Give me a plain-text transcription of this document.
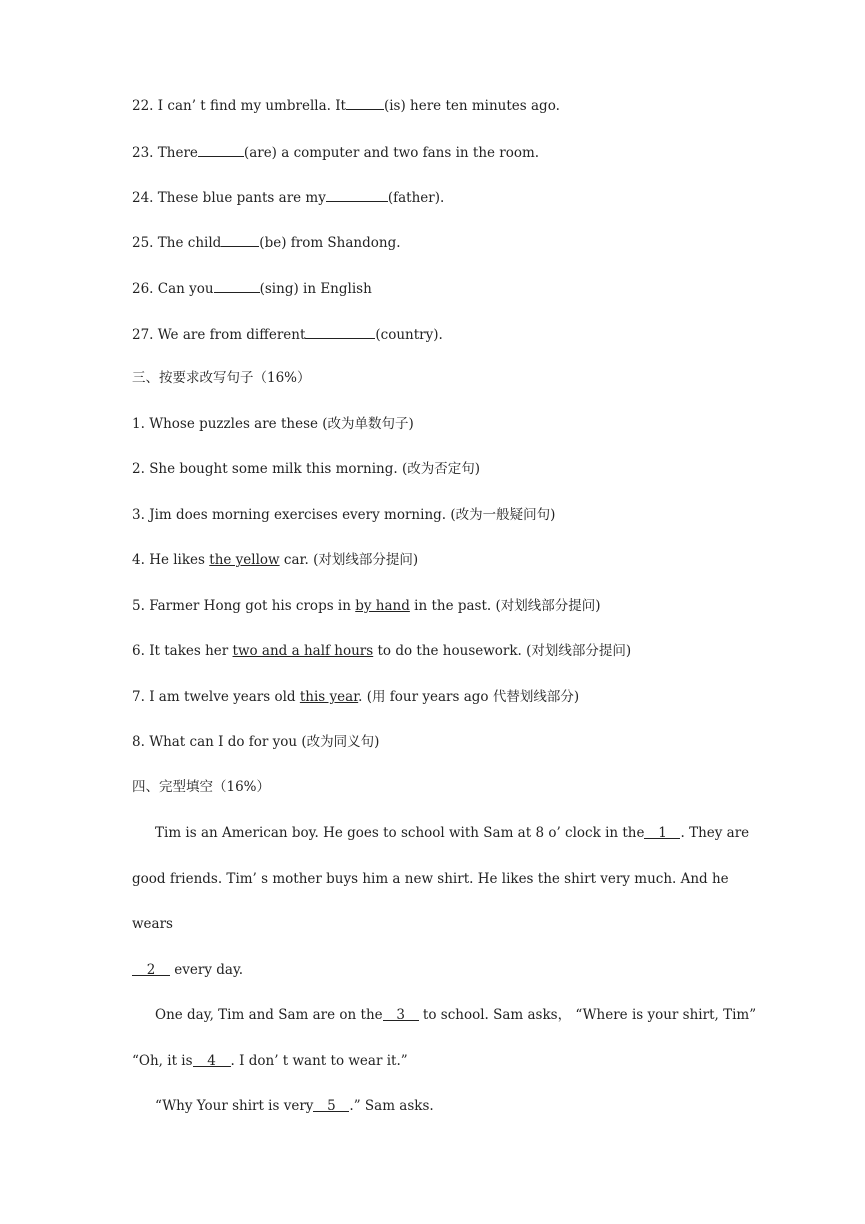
22. I can’ t find my umbrella. It	(is) here ten minutes ago.
23. There	(are) a computer and two fans in the room.
24. These blue pants are my	(father).
25. The child	(be) from Shandong.
26. Can you	(sing) in English
27. We are from different	(country).
三、按要求改写句子（16%）
1. Whose puzzles are these (改为单数句子)
2. She bought some milk this morning. (改为否定句)
3. Jim does morning exercises every morning. (改为一般疑问句)
4. He likes the yellow car. (对划线部分提问)
5. Farmer Hong got his crops in by hand in the past. (对划线部分提问)
6. It takes her two and a half hours to do the housework. (对划线部分提问)
7. I am twelve years old this year. (用 four years ago 代替划线部分)
8. What can I do for you (改为同义句)
四、完型填空（16%）
Tim is an American boy. He goes to school with Sam at 8 o’ clock in the 1 . They are
good friends. Tim’ s mother buys him a new shirt. He likes the shirt very much. And he
wears
2 every day.
One day, Tim and Sam are on the 3 to school. Sam asks， “Where is your shirt, Tim”
“Oh, it is 4 . I don’ t want to wear it.”
“Why Your shirt is very 5 .” Sam asks.
